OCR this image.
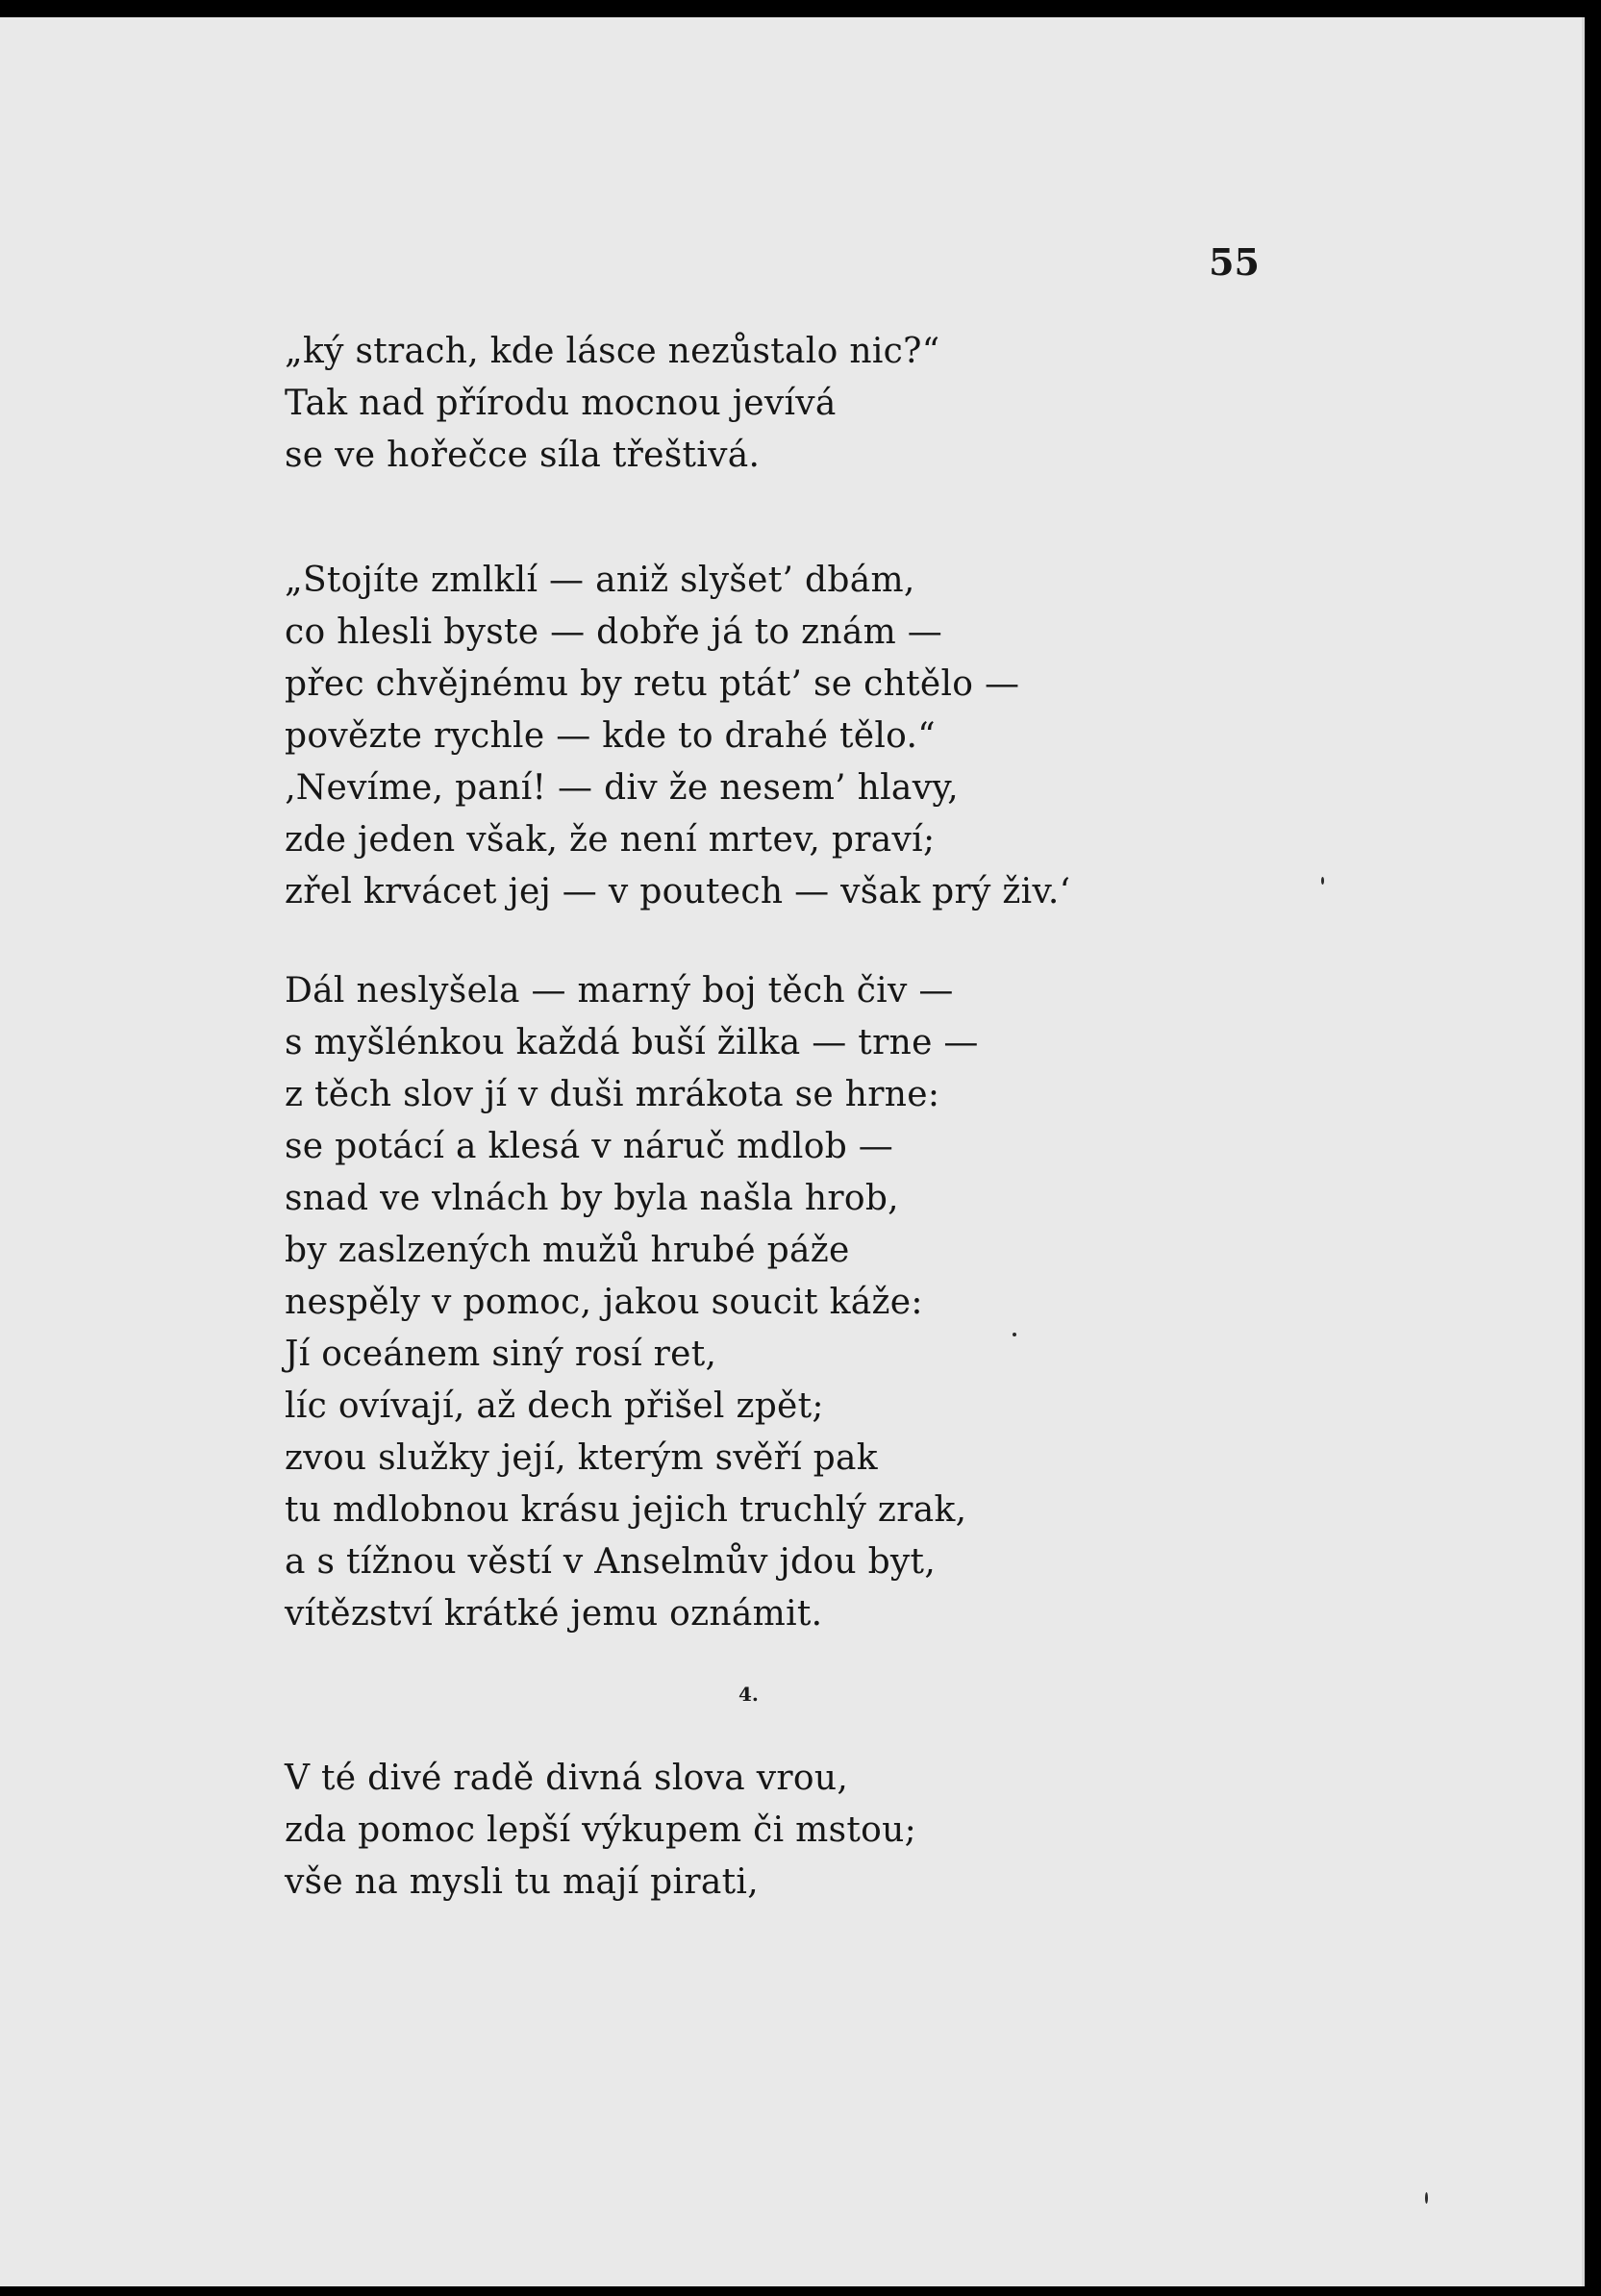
55
„ký strach, kde lásce nezůstalo nic?“
Tak nad přírodu mocnou jevívá
se ve hořečce síla třeštivá.
„Stojíte zmlklí — aniž slyšet’ dbám,
co hlesli byste — dobře já to znám —
přec chvějnému by retu ptát’ se chtělo —
povězte rychle — kde to drahé tělo.“
‚Nevíme, paní! — div že nesem’ hlavy,
zde jeden však, že není mrtev, praví;
zřel krvácet jej — v poutech — však prý živ.‘
Dál neslyšela — marný boj těch čiv —
s myšlénkou každá buší žilka — trne —
z těch slov jí v duši mrákota se hrne:
se potácí a klesá v náruč mdlob —
snad ve vlnách by byla našla hrob,
by zaslzených mužů hrubé páže
nespěly v pomoc, jakou soucit káže:
Jí oceánem siný rosí ret,
líc ovívají, až dech přišel zpět;
zvou služky její, kterým svěří pak
tu mdlobnou krásu jejich truchlý zrak,
a s tížnou věstí v Anselmův jdou byt,
vítězství krátké jemu oznámit.
V té divé radě divná slova vrou,
zda pomoc lepší výkupem či mstou;
vše na mysli tu mají pirati,
4.
